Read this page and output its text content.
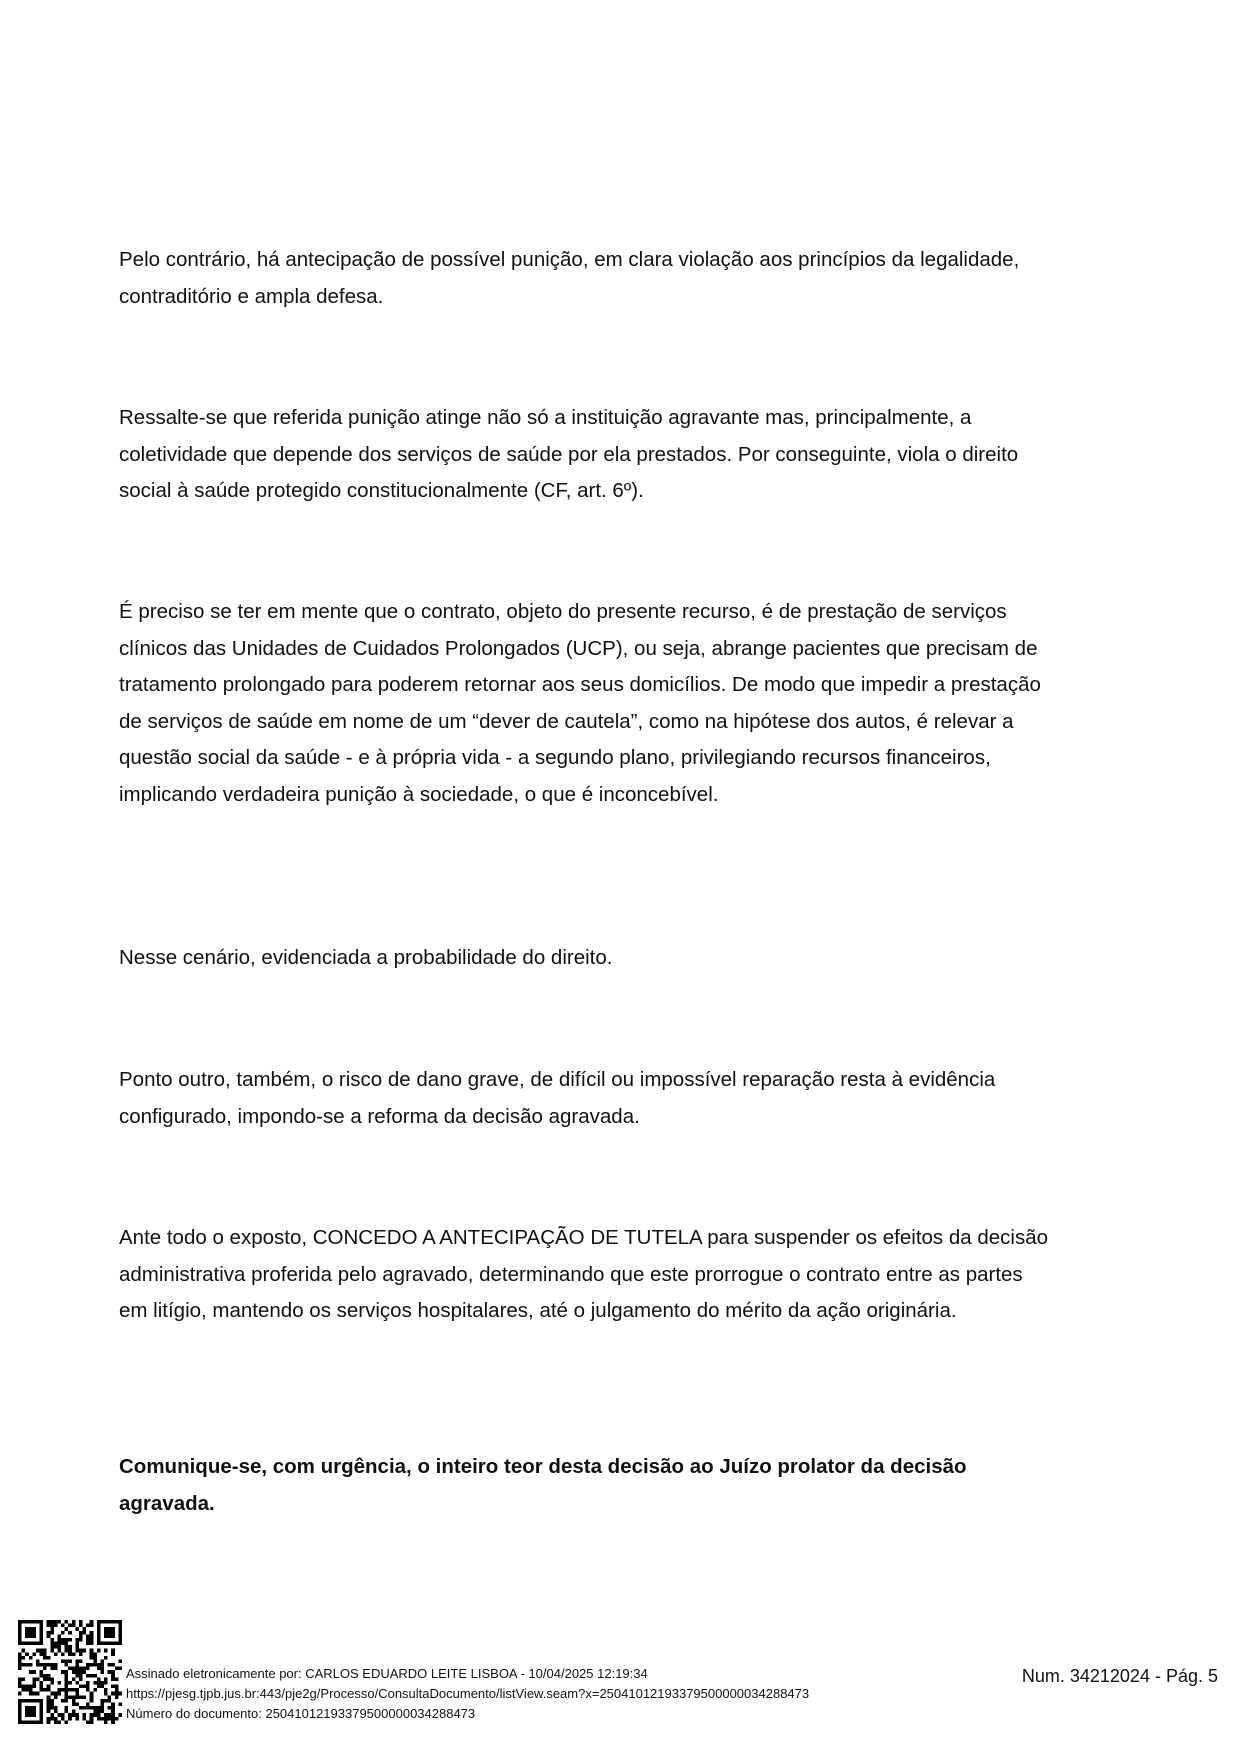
Pelo contrário, há antecipação de possível punição, em clara violação aos princípios da legalidade, contraditório e ampla defesa.

Ressalte-se que referida punição atinge não só a instituição agravante mas, principalmente, a coletividade que depende dos serviços de saúde por ela prestados. Por conseguinte, viola o direito social à saúde protegido constitucionalmente (CF, art. 6º).

É preciso se ter em mente que o contrato, objeto do presente recurso, é de prestação de serviços clínicos das Unidades de Cuidados Prolongados (UCP), ou seja, abrange pacientes que precisam de tratamento prolongado para poderem retornar aos seus domicílios. De modo que impedir a prestação de serviços de saúde em nome de um “dever de cautela”, como na hipótese dos autos, é relevar a questão social da saúde - e à própria vida - a segundo plano, privilegiando recursos financeiros, implicando verdadeira punição à sociedade, o que é inconcebível.

Nesse cenário, evidenciada a probabilidade do direito.

Ponto outro, também, o risco de dano grave, de difícil ou impossível reparação resta à evidência configurado, impondo-se a reforma da decisão agravada.

Ante todo o exposto, CONCEDO A ANTECIPAÇÃO DE TUTELA para suspender os efeitos da decisão administrativa proferida pelo agravado, determinando que este prorrogue o contrato entre as partes em litígio, mantendo os serviços hospitalares, até o julgamento do mérito da ação originária.

Comunique-se, com urgência, o inteiro teor desta decisão ao Juízo prolator da decisão agravada.

Assinado eletronicamente por: CARLOS EDUARDO LEITE LISBOA - 10/04/2025 12:19:34
https://pjesg.tjpb.jus.br:443/pje2g/Processo/ConsultaDocumento/listView.seam?x=25041012193379500000034288473
Número do documento: 25041012193379500000034288473
Num. 34212024 - Pág. 5
